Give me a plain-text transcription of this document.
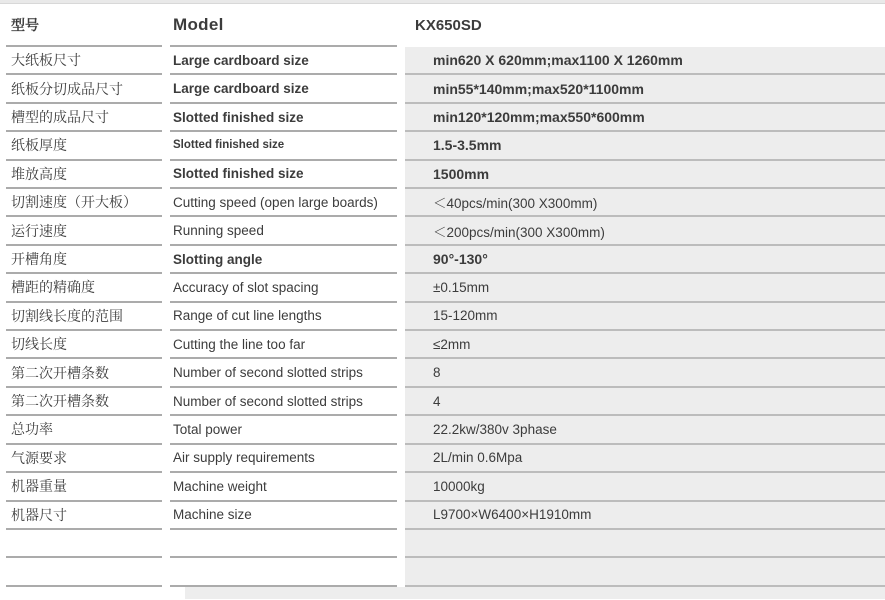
型号	Model	KX650SD
大纸板尺寸	Large cardboard size	min620 X 620mm;max1100 X 1260mm
纸板分切成品尺寸	Large cardboard size	min55*140mm;max520*1100mm
槽型的成品尺寸	Slotted finished size	min120*120mm;max550*600mm
纸板厚度	Slotted finished size	1.5-3.5mm
堆放高度	Slotted finished size	1500mm
切割速度（开大板）	Cutting speed (open large boards)	＜40pcs/min(300 X300mm)
运行速度	Running speed	＜200pcs/min(300 X300mm)
开槽角度	Slotting angle	90°-130°
槽距的精确度	Accuracy of slot spacing	±0.15mm
切割线长度的范围	Range of cut line lengths	15-120mm
切线长度	Cutting the line too far	≤2mm
第二次开槽条数	Number of second slotted strips	8
第二次开槽条数	Number of second slotted strips	4
总功率	Total power	22.2kw/380v 3phase
气源要求	Air supply requirements	2L/min 0.6Mpa
机器重量	Machine weight	10000kg
机器尺寸	Machine size	L9700×W6400×H1910mm
